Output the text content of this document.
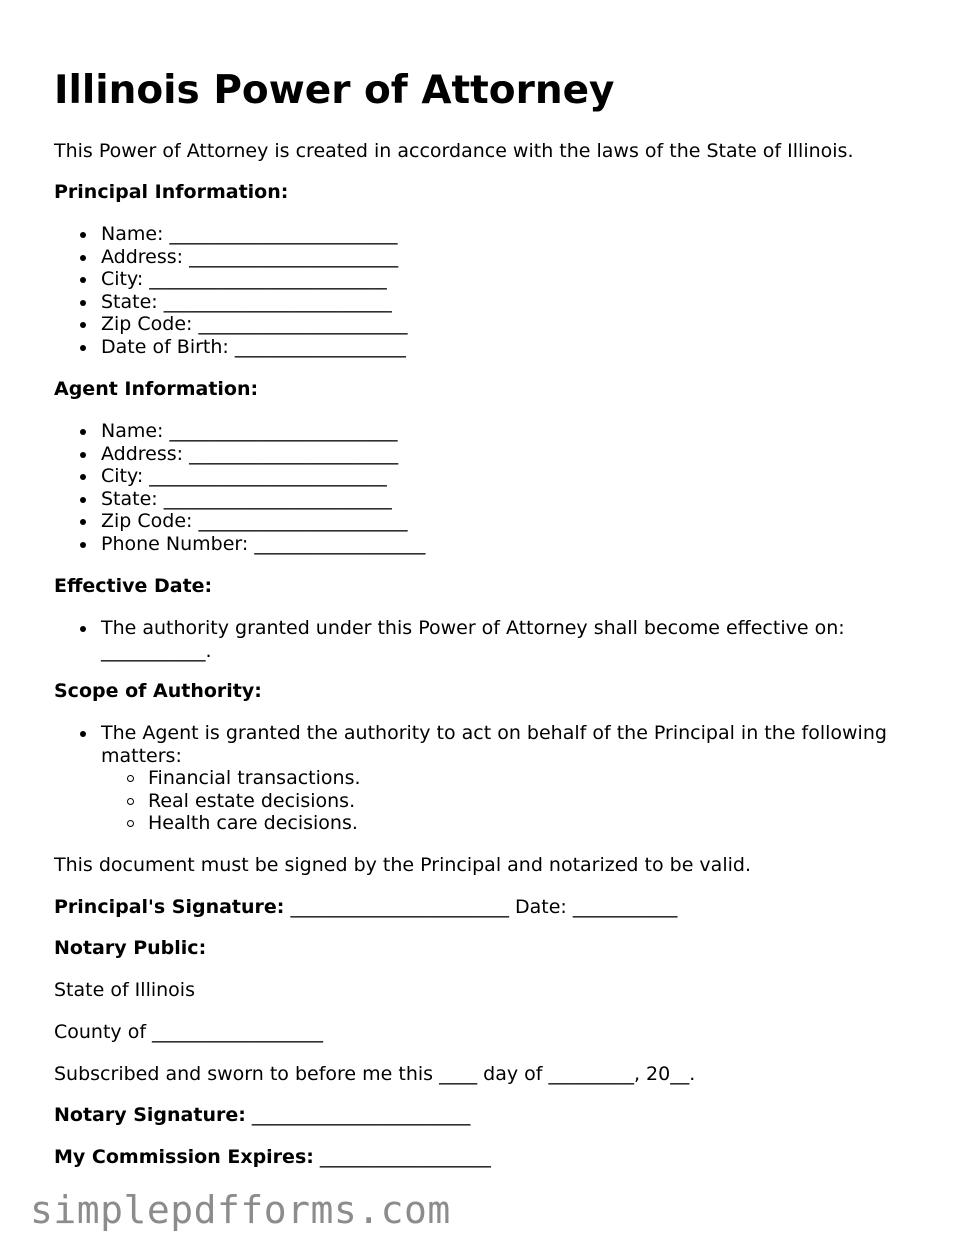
Illinois Power of Attorney

This Power of Attorney is created in accordance with the laws of the State of Illinois.

Principal Information:

Name: ________________________
Address: ______________________
City: _________________________
State: ________________________
Zip Code: ______________________
Date of Birth: __________________

Agent Information:

Name: ________________________
Address: ______________________
City: _________________________
State: ________________________
Zip Code: ______________________
Phone Number: __________________

Effective Date:

The authority granted under this Power of Attorney shall become effective on: ___________.

Scope of Authority:

The Agent is granted the authority to act on behalf of the Principal in the following matters:
Financial transactions.
Real estate decisions.
Health care decisions.

This document must be signed by the Principal and notarized to be valid.

Principal's Signature: _______________________ Date: ___________

Notary Public:

State of Illinois

County of __________________

Subscribed and sworn to before me this ____ day of _________, 20__.

Notary Signature: _______________________

My Commission Expires: __________________

simplepdfforms.com
